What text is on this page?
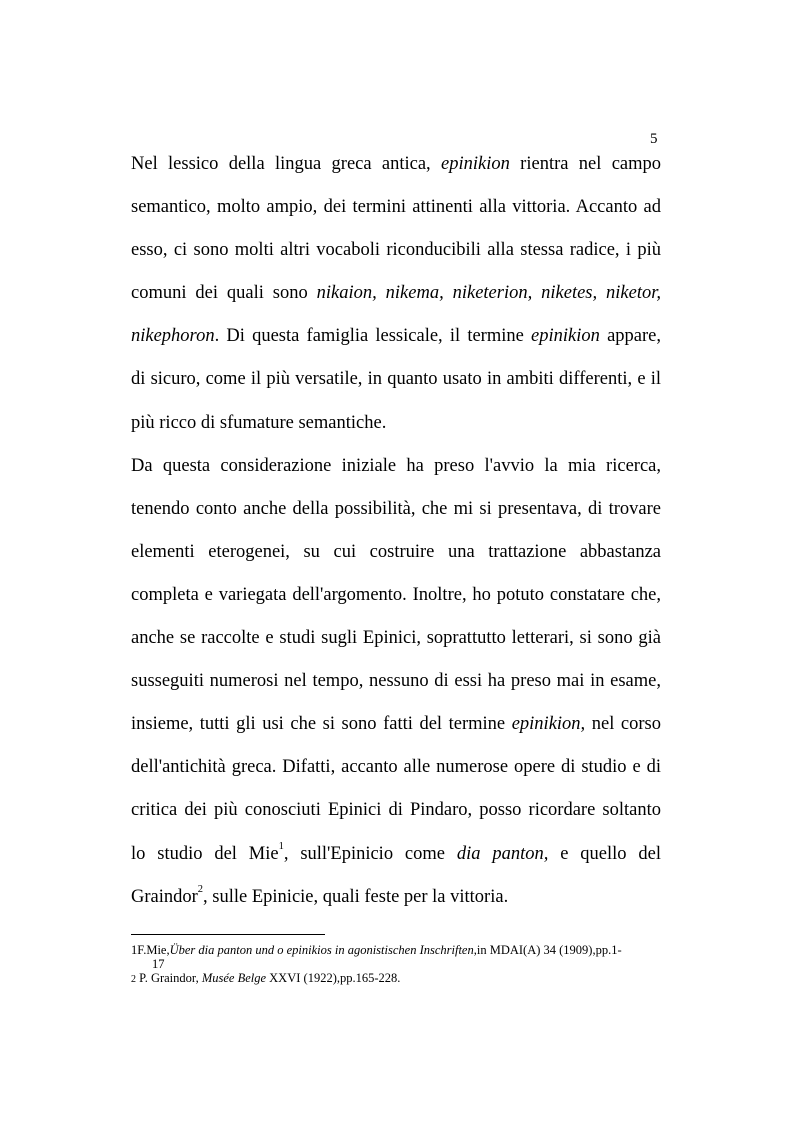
5
Nel lessico della lingua greca antica, epinikion rientra nel campo
semantico, molto ampio, dei termini attinenti alla vittoria. Accanto ad
esso, ci sono molti altri vocaboli riconducibili alla stessa radice, i più
comuni dei quali sono nikaion, nikema, niketerion, niketes, niketor,
nikephoron. Di questa famiglia lessicale, il termine epinikion appare,
di sicuro, come il più versatile, in quanto usato in ambiti differenti, e il
più ricco di sfumature semantiche.
Da questa considerazione iniziale ha preso l'avvio la mia ricerca,
tenendo conto anche della possibilità, che mi si presentava, di trovare
elementi eterogenei, su cui costruire una trattazione abbastanza
completa e variegata dell'argomento. Inoltre, ho potuto constatare che,
anche se raccolte e studi sugli Epinici, soprattutto letterari, si sono già
susseguiti numerosi nel tempo, nessuno di essi ha preso mai in esame,
insieme, tutti gli usi che si sono fatti del termine epinikion, nel corso
dell'antichità greca. Difatti, accanto alle numerose opere di studio e di
critica dei più conosciuti Epinici di Pindaro, posso ricordare soltanto
lo studio del Mie$^1$, sull'Epinicio come dia panton, e quello del
Graindor$^2$, sulle Epinicie, quali feste per la vittoria.
1F.Mie,Über dia panton und o epinikios in agonistischen Inschriften,in MDAI(A) 34 (1909),pp.1-
17
2 P. Graindor, Musée Belge XXVI (1922),pp.165-228.
